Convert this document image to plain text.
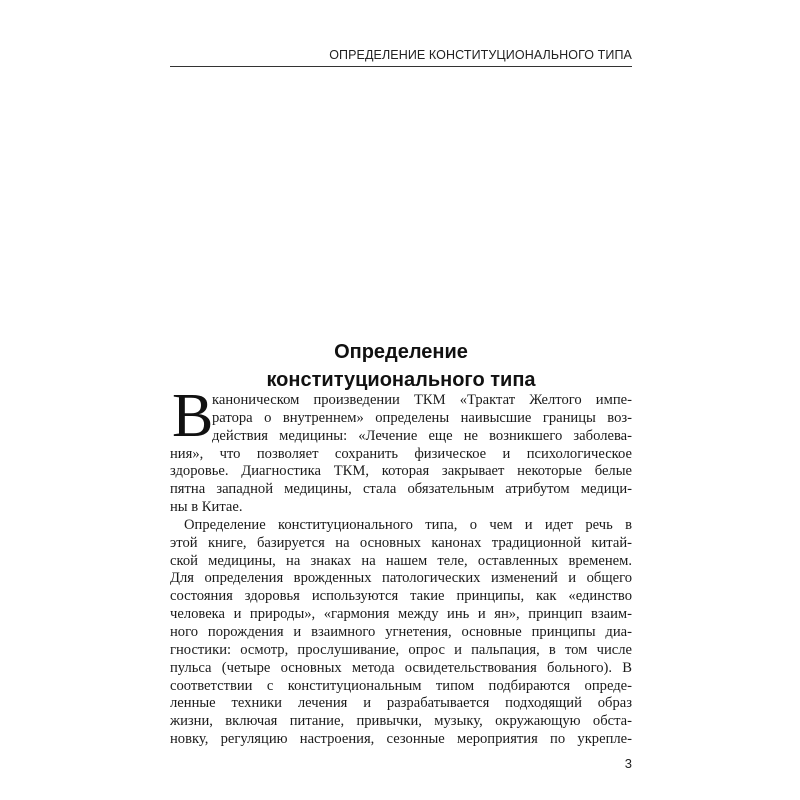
ОПРЕДЕЛЕНИЕ КОНСТИТУЦИОНАЛЬНОГО ТИПА
Определение
конституционального типа
В
каноническом произведении ТКМ «Трактат Желтого импе-
ратора о внутреннем» определены наивысшие границы воз-
действия медицины: «Лечение еще не возникшего заболева-
ния», что позволяет сохранить физическое и психологическое
здоровье. Диагностика ТКМ, которая закрывает некоторые белые
пятна западной медицины, стала обязательным атрибутом медици-
ны в Китае.
Определение конституционального типа, о чем и идет речь в
этой книге, базируется на основных канонах традиционной китай-
ской медицины, на знаках на нашем теле, оставленных временем.
Для определения врожденных патологических изменений и общего
состояния здоровья используются такие принципы, как «единство
человека и природы», «гармония между инь и ян», принцип взаим-
ного порождения и взаимного угнетения, основные принципы диа-
гностики: осмотр, прослушивание, опрос и пальпация, в том числе
пульса (четыре основных метода освидетельствования больного). В
соответствии с конституциональным типом подбираются опреде-
ленные техники лечения и разрабатывается подходящий образ
жизни, включая питание, привычки, музыку, окружающую обста-
новку, регуляцию настроения, сезонные мероприятия по укрепле-
3
